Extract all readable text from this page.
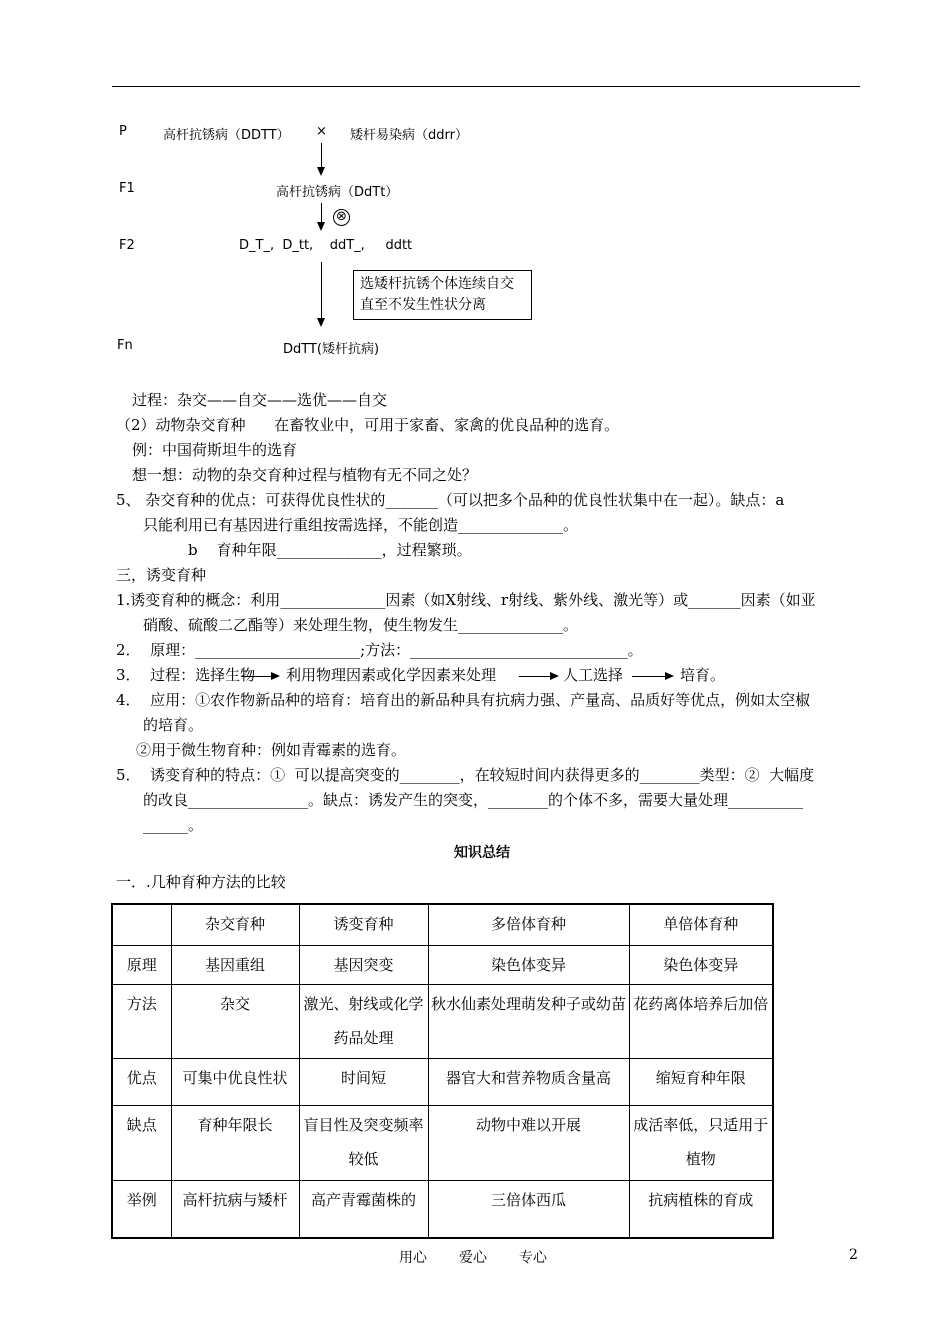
P	高杆抗锈病（DDTT） × 矮杆易染病（ddrr）
F1	高杆抗锈病（DdTt）
⊗
F2	D_T_,  D_tt,    ddT_,     ddtt
选矮杆抗锈个体连续自交
直至不发生性状分离
Fn	DdTT(矮杆抗病)
过程：杂交——自交——选优——自交
（2）动物杂交育种      在畜牧业中，可用于家畜、家禽的优良品种的选育。
例：中国荷斯坦牛的选育
想一想：动物的杂交育种过程与植物有无不同之处？
5、 杂交育种的优点：可获得优良性状的_______（可以把多个品种的优良性状集中在一起）。缺点：a
只能利用已有基因进行重组按需选择，不能创造______________。
b    育种年限______________，过程繁琐。
三，诱变育种
1.诱变育种的概念：利用______________因素（如X射线、r射线、紫外线、激光等）或_______因素（如亚
硝酸、硫酸二乙酯等）来处理生物，使生物发生______________。
2．  原理：______________________;方法：_____________________________。
3．  过程：选择生物 利用物理因素或化学因素来处理	人工选择	培育。
4．  应用：①农作物新品种的培育：培育出的新品种具有抗病力强、产量高、品质好等优点，例如太空椒
的培育。
②用于微生物育种：例如青霉素的选育。
5．  诱变育种的特点：①  可以提高突变的________，在较短时间内获得更多的________类型：②  大幅度
的改良________________。缺点：诱发产生的突变，________的个体不多，需要大量处理__________
______。
知识总结
一．.几种育种方法的比较
	杂交育种	诱变育种	多倍体育种	单倍体育种
原理	基因重组	基因突变	染色体变异	染色体变异
方法	杂交	激光、射线或化学药品处理	秋水仙素处理萌发种子或幼苗	花药离体培养后加倍
优点	可集中优良性状	时间短	器官大和营养物质含量高	缩短育种年限
缺点	育种年限长	盲目性及突变频率较低	动物中难以开展	成活率低，只适用于植物
举例	高杆抗病与矮杆	高产青霉菌株的	三倍体西瓜	抗病植株的育成
用心 爱心 专心	2
